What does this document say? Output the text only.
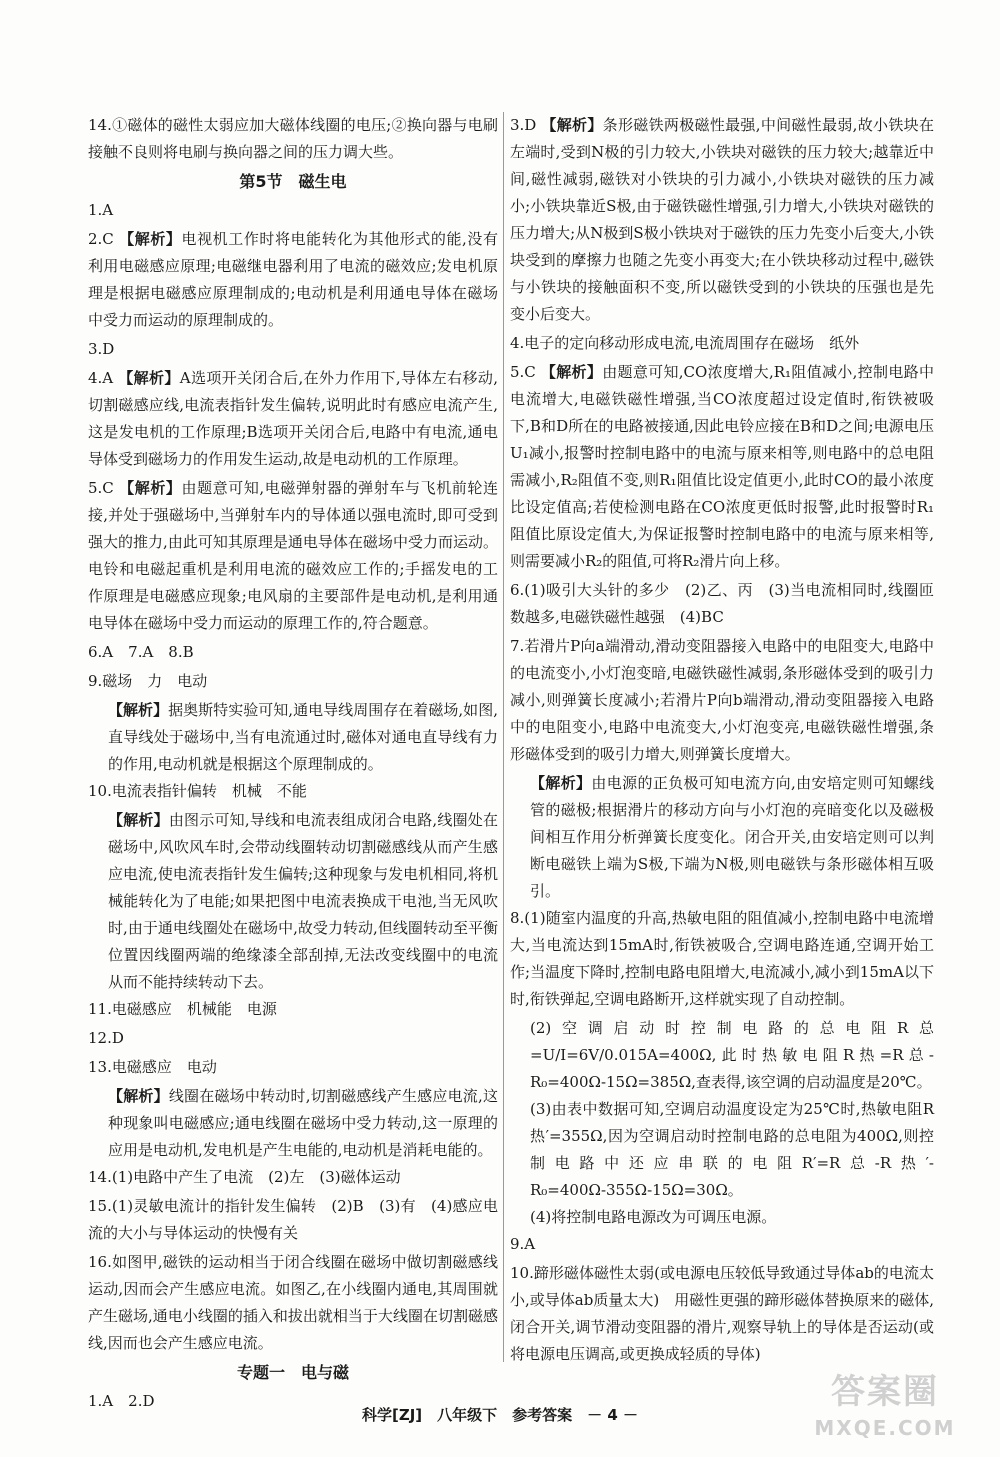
14.①磁体的磁性太弱应加大磁体线圈的电压;②换向器与电刷接触不良则将电刷与换向器之间的压力调大些。
第5节　磁生电
1.A
2.C 【解析】电视机工作时将电能转化为其他形式的能,没有利用电磁感应原理;电磁继电器利用了电流的磁效应;发电机原理是根据电磁感应原理制成的;电动机是利用通电导体在磁场中受力而运动的原理制成的。
3.D
4.A 【解析】A选项开关闭合后,在外力作用下,导体左右移动,切割磁感应线,电流表指针发生偏转,说明此时有感应电流产生,这是发电机的工作原理;B选项开关闭合后,电路中有电流,通电导体受到磁场力的作用发生运动,故是电动机的工作原理。
5.C 【解析】由题意可知,电磁弹射器的弹射车与飞机前轮连接,并处于强磁场中,当弹射车内的导体通以强电流时,即可受到强大的推力,由此可知其原理是通电导体在磁场中受力而运动。电铃和电磁起重机是利用电流的磁效应工作的;手摇发电的工作原理是电磁感应现象;电风扇的主要部件是电动机,是利用通电导体在磁场中受力而运动的原理工作的,符合题意。
6.A　7.A　8.B
9.磁场　力　电动
【解析】据奥斯特实验可知,通电导线周围存在着磁场,如图,直导线处于磁场中,当有电流通过时,磁体对通电直导线有力的作用,电动机就是根据这个原理制成的。
10.电流表指针偏转　机械　不能
【解析】由图示可知,导线和电流表组成闭合电路,线圈处在磁场中,风吹风车时,会带动线圈转动切割磁感线从而产生感应电流,使电流表指针发生偏转;这种现象与发电机相同,将机械能转化为了电能;如果把图中电流表换成干电池,当无风吹时,由于通电线圈处在磁场中,故受力转动,但线圈转动至平衡位置因线圈两端的绝缘漆全部刮掉,无法改变线圈中的电流从而不能持续转动下去。
11.电磁感应　机械能　电源
12.D
13.电磁感应　电动
【解析】线圈在磁场中转动时,切割磁感线产生感应电流,这种现象叫电磁感应;通电线圈在磁场中受力转动,这一原理的应用是电动机,发电机是产生电能的,电动机是消耗电能的。
14.(1)电路中产生了电流　(2)左　(3)磁体运动
15.(1)灵敏电流计的指针发生偏转　(2)B　(3)有　(4)感应电流的大小与导体运动的快慢有关
16.如图甲,磁铁的运动相当于闭合线圈在磁场中做切割磁感线运动,因而会产生感应电流。如图乙,在小线圈内通电,其周围就产生磁场,通电小线圈的插入和拔出就相当于大线圈在切割磁感线,因而也会产生感应电流。
专题一　电与磁
1.A　2.D
3.D 【解析】条形磁铁两极磁性最强,中间磁性最弱,故小铁块在左端时,受到N极的引力较大,小铁块对磁铁的压力较大;越靠近中间,磁性减弱,磁铁对小铁块的引力减小,小铁块对磁铁的压力减小;小铁块靠近S极,由于磁铁磁性增强,引力增大,小铁块对磁铁的压力增大;从N极到S极小铁块对于磁铁的压力先变小后变大,小铁块受到的摩擦力也随之先变小再变大;在小铁块移动过程中,磁铁与小铁块的接触面积不变,所以磁铁受到的小铁块的压强也是先变小后变大。
4.电子的定向移动形成电流,电流周围存在磁场　纸外
5.C 【解析】由题意可知,CO浓度增大,R₁阻值减小,控制电路中电流增大,电磁铁磁性增强,当CO浓度超过设定值时,衔铁被吸下,B和D所在的电路被接通,因此电铃应接在B和D之间;电源电压U₁减小,报警时控制电路中的电流与原来相等,则电路中的总电阻需减小,R₂阻值不变,则R₁阻值比设定值更小,此时CO的最小浓度比设定值高;若使检测电路在CO浓度更低时报警,此时报警时R₁阻值比原设定值大,为保证报警时控制电路中的电流与原来相等,则需要减小R₂的阻值,可将R₂滑片向上移。
6.(1)吸引大头针的多少　(2)乙、丙　(3)当电流相同时,线圈匝数越多,电磁铁磁性越强　(4)BC
7.若滑片P向a端滑动,滑动变阻器接入电路中的电阻变大,电路中的电流变小,小灯泡变暗,电磁铁磁性减弱,条形磁体受到的吸引力减小,则弹簧长度减小;若滑片P向b端滑动,滑动变阻器接入电路中的电阻变小,电路中电流变大,小灯泡变亮,电磁铁磁性增强,条形磁体受到的吸引力增大,则弹簧长度增大。
【解析】由电源的正负极可知电流方向,由安培定则可知螺线管的磁极;根据滑片的移动方向与小灯泡的亮暗变化以及磁极间相互作用分析弹簧长度变化。闭合开关,由安培定则可以判断电磁铁上端为S极,下端为N极,则电磁铁与条形磁体相互吸引。
8.(1)随室内温度的升高,热敏电阻的阻值减小,控制电路中电流增大,当电流达到15mA时,衔铁被吸合,空调电路连通,空调开始工作;当温度下降时,控制电路电阻增大,电流减小,减小到15mA以下时,衔铁弹起,空调电路断开,这样就实现了自动控制。
(2)空调启动时控制电路的总电阻R总=U/I=6V/0.015A=400Ω,此时热敏电阻R热=R总-R₀=400Ω-15Ω=385Ω,查表得,该空调的启动温度是20℃。
(3)由表中数据可知,空调启动温度设定为25℃时,热敏电阻R热′=355Ω,因为空调启动时控制电路的总电阻为400Ω,则控制电路中还应串联的电阻R′=R总-R热′-R₀=400Ω-355Ω-15Ω=30Ω。
(4)将控制电路电源改为可调压电源。
9.A
10.蹄形磁体磁性太弱(或电源电压较低导致通过导体ab的电流太小,或导体ab质量太大)　用磁性更强的蹄形磁体替换原来的磁体,闭合开关,调节滑动变阻器的滑片,观察导轨上的导体是否运动(或将电源电压调高,或更换成轻质的导体)
科学[ZJ]　八年级下　参考答案　－ 4 －
答案圈
MXQE.COM
